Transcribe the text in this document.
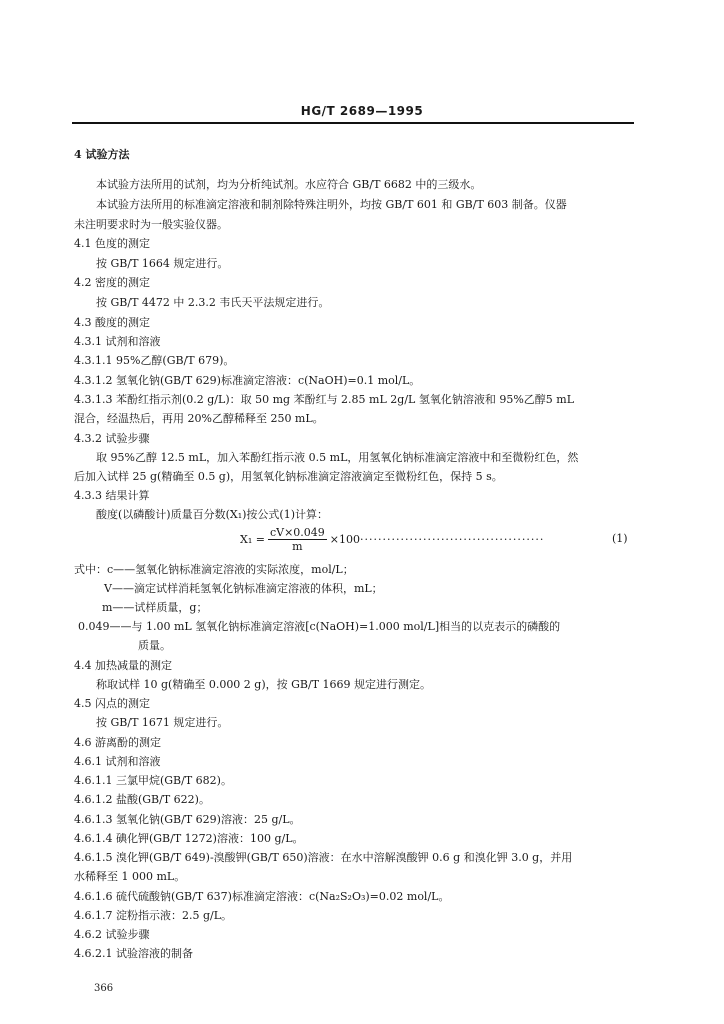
HG/T 2689—1995
4 试验方法
本试验方法所用的试剂，均为分析纯试剂。水应符合 GB/T 6682 中的三级水。
本试验方法所用的标准滴定溶液和制剂除特殊注明外，均按 GB/T 601 和 GB/T 603 制备。仪器
未注明要求时为一般实验仪器。
4.1 色度的测定
按 GB/T 1664 规定进行。
4.2 密度的测定
按 GB/T 4472 中 2.3.2 韦氏天平法规定进行。
4.3 酸度的测定
4.3.1 试剂和溶液
4.3.1.1 95%乙醇(GB/T 679)。
4.3.1.2 氢氧化钠(GB/T 629)标准滴定溶液：c(NaOH)=0.1 mol/L。
4.3.1.3 苯酚红指示剂(0.2 g/L)：取 50 mg 苯酚红与 2.85 mL 2g/L 氢氧化钠溶液和 95%乙醇5 mL
混合，经温热后，再用 20%乙醇稀释至 250 mL。
4.3.2 试验步骤
取 95%乙醇 12.5 mL，加入苯酚红指示液 0.5 mL，用氢氧化钠标准滴定溶液中和至微粉红色，然
后加入试样 25 g(精确至 0.5 g)，用氢氧化钠标准滴定溶液滴定至微粉红色，保持 5 s。
4.3.3 结果计算
酸度(以磷酸计)质量百分数(X₁)按公式(1)计算：
式中：c——氢氧化钠标准滴定溶液的实际浓度，mol/L；
V——滴定试样消耗氢氧化钠标准滴定溶液的体积，mL；
m——试样质量，g；
0.049——与 1.00 mL 氢氧化钠标准滴定溶液[c(NaOH)=1.000 mol/L]相当的以克表示的磷酸的
质量。
4.4 加热减量的测定
称取试样 10 g(精确至 0.000 2 g)，按 GB/T 1669 规定进行测定。
4.5 闪点的测定
按 GB/T 1671 规定进行。
4.6 游离酚的测定
4.6.1 试剂和溶液
4.6.1.1 三氯甲烷(GB/T 682)。
4.6.1.2 盐酸(GB/T 622)。
4.6.1.3 氢氧化钠(GB/T 629)溶液：25 g/L。
4.6.1.4 碘化钾(GB/T 1272)溶液：100 g/L。
4.6.1.5 溴化钾(GB/T 649)-溴酸钾(GB/T 650)溶液：在水中溶解溴酸钾 0.6 g 和溴化钾 3.0 g，并用
水稀释至 1 000 mL。
4.6.1.6 硫代硫酸钠(GB/T 637)标准滴定溶液：c(Na₂S₂O₃)=0.02 mol/L。
4.6.1.7 淀粉指示液：2.5 g/L。
4.6.2 试验步骤
4.6.2.1 试验溶液的制备
$X_1 = \frac{cV\times 0.049}{m} \times 100$ ·········································	(1)
366
